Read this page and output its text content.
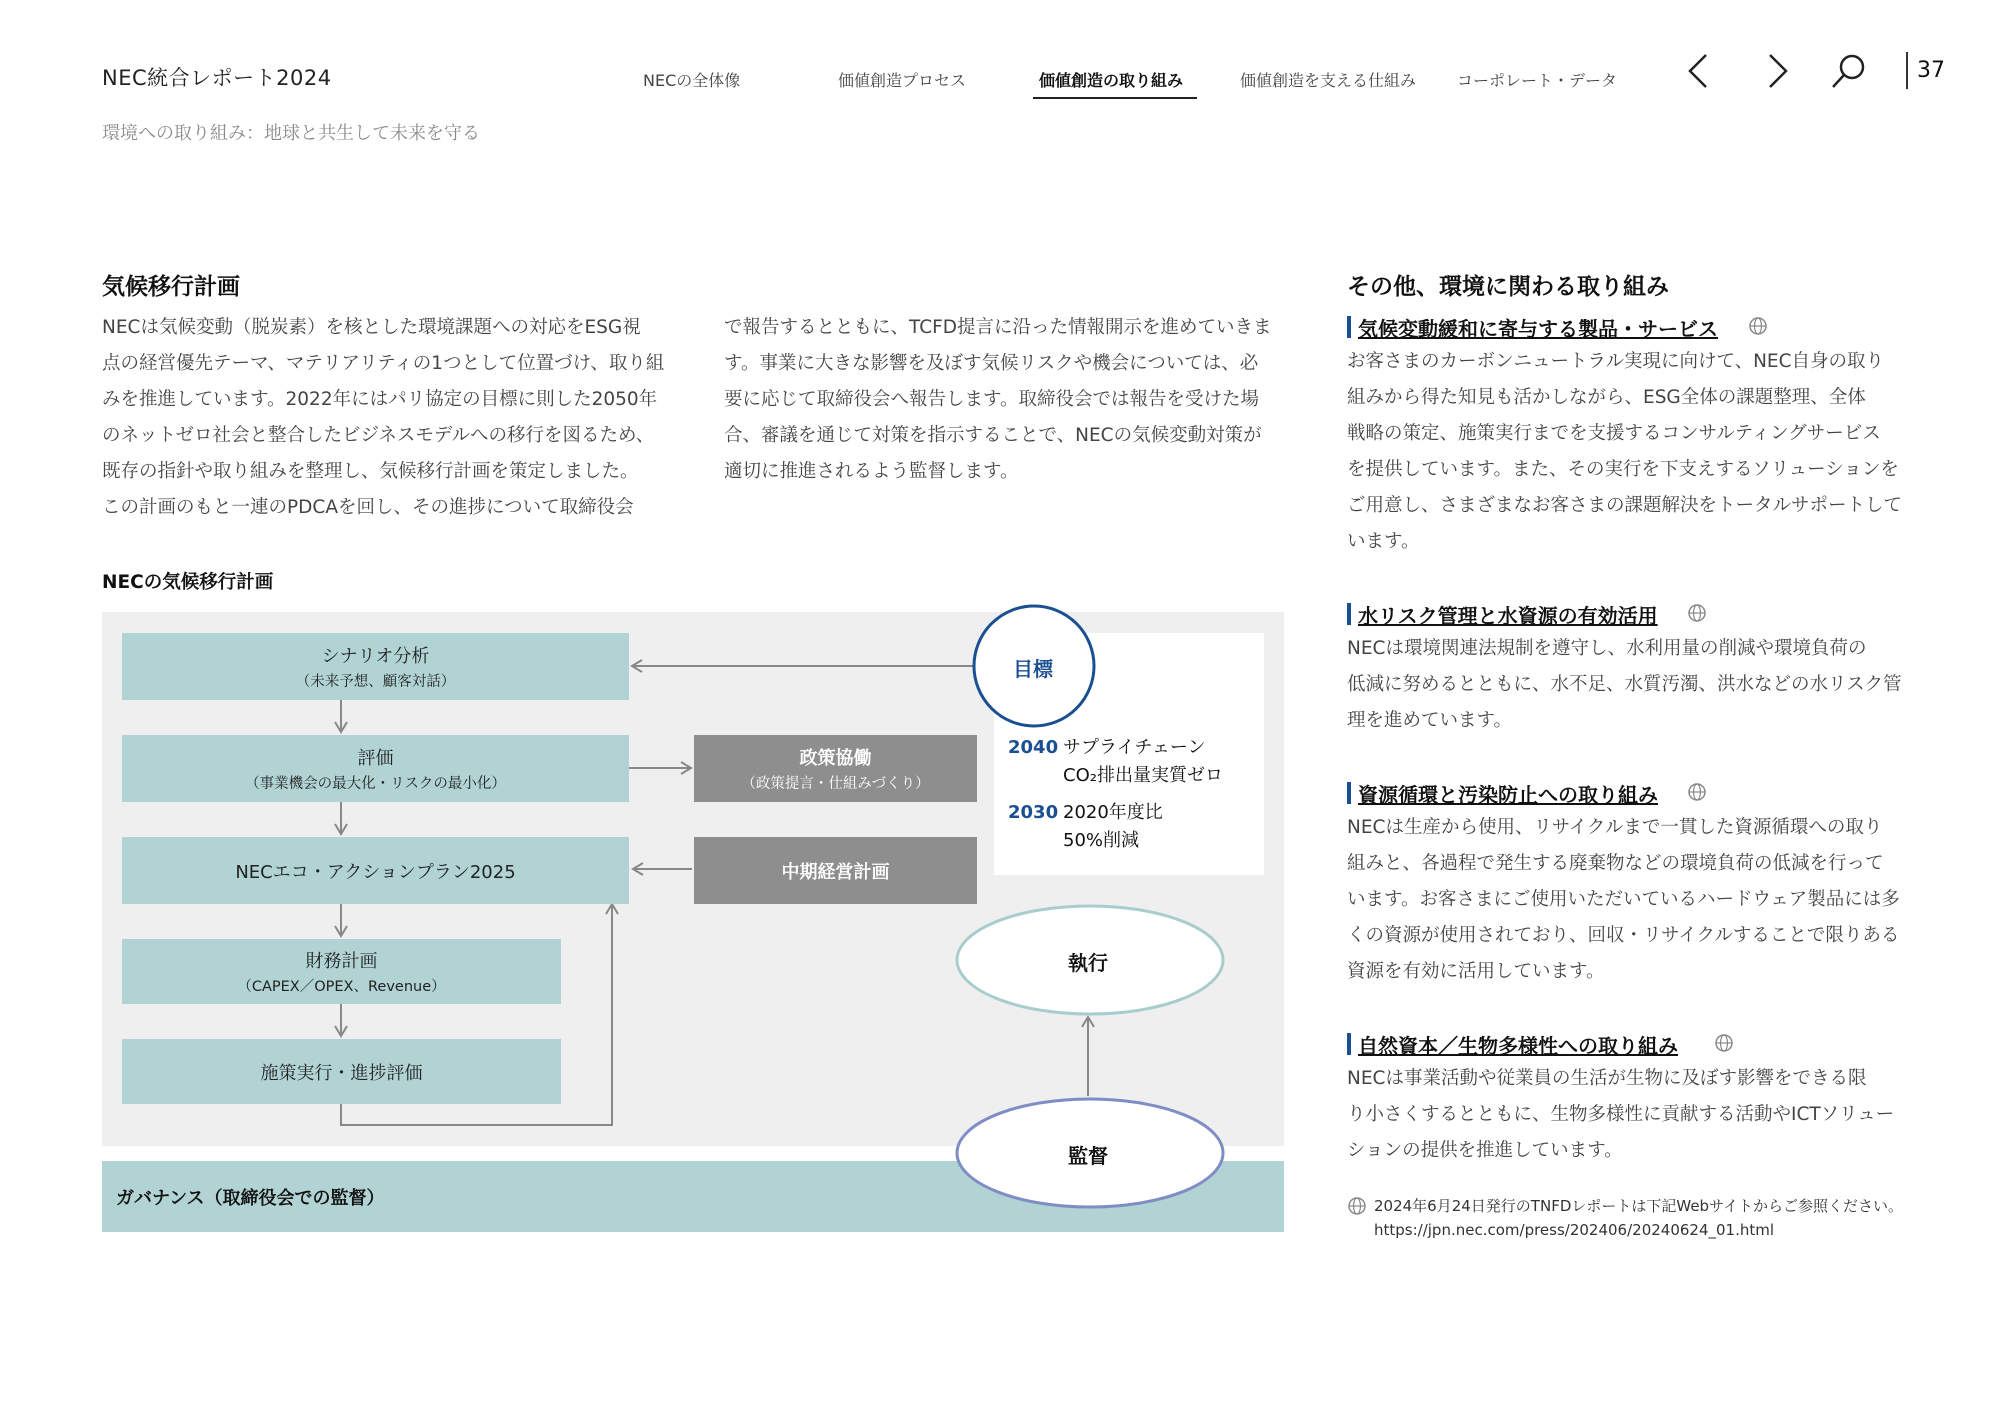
NEC統合レポート2024
環境への取り組み：地球と共生して未来を守る
NECの全体像	価値創造プロセス	価値創造の取り組み	価値創造を支える仕組み	コーポレート・データ	37
気候移行計画
NECは気候変動（脱炭素）を核とした環境課題への対応をESG視
点の経営優先テーマ、マテリアリティの1つとして位置づけ、取り組
みを推進しています。2022年にはパリ協定の目標に則した2050年
のネットゼロ社会と整合したビジネスモデルへの移行を図るため、
既存の指針や取り組みを整理し、気候移行計画を策定しました。
この計画のもと一連のPDCAを回し、その進捗について取締役会
で報告するとともに、TCFD提言に沿った情報開示を進めていきま
す。事業に大きな影響を及ぼす気候リスクや機会については、必
要に応じて取締役会へ報告します。取締役会では報告を受けた場
合、審議を通じて対策を指示することで、NECの気候変動対策が
適切に推進されるよう監督します。
NECの気候移行計画
ガバナンス（取締役会での監督）
シナリオ分析
（未来予想、顧客対話）
評価
（事業機会の最大化・リスクの最小化）
NECエコ・アクションプラン2025
財務計画
（CAPEX／OPEX、Revenue）
施策実行・進捗評価
政策協働
（政策提言・仕組みづくり）
中期経営計画
2040 サプライチェーン
CO₂排出量実質ゼロ
2030 2020年度比
50%削減
目標
執行
監督
その他、環境に関わる取り組み
気候変動緩和に寄与する製品・サービス
お客さまのカーボンニュートラル実現に向けて、NEC自身の取り
組みから得た知見も活かしながら、ESG全体の課題整理、全体
戦略の策定、施策実行までを支援するコンサルティングサービス
を提供しています。また、その実行を下支えするソリューションを
ご用意し、さまざまなお客さまの課題解決をトータルサポートして
います。
水リスク管理と水資源の有効活用
NECは環境関連法規制を遵守し、水利用量の削減や環境負荷の
低減に努めるとともに、水不足、水質汚濁、洪水などの水リスク管
理を進めています。
資源循環と汚染防止への取り組み
NECは生産から使用、リサイクルまで一貫した資源循環への取り
組みと、各過程で発生する廃棄物などの環境負荷の低減を行って
います。お客さまにご使用いただいているハードウェア製品には多
くの資源が使用されており、回収・リサイクルすることで限りある
資源を有効に活用しています。
自然資本／生物多様性への取り組み
NECは事業活動や従業員の生活が生物に及ぼす影響をできる限
り小さくするとともに、生物多様性に貢献する活動やICTソリュー
ションの提供を推進しています。
2024年6月24日発行のTNFDレポートは下記Webサイトからご参照ください。
https://jpn.nec.com/press/202406/20240624_01.html
